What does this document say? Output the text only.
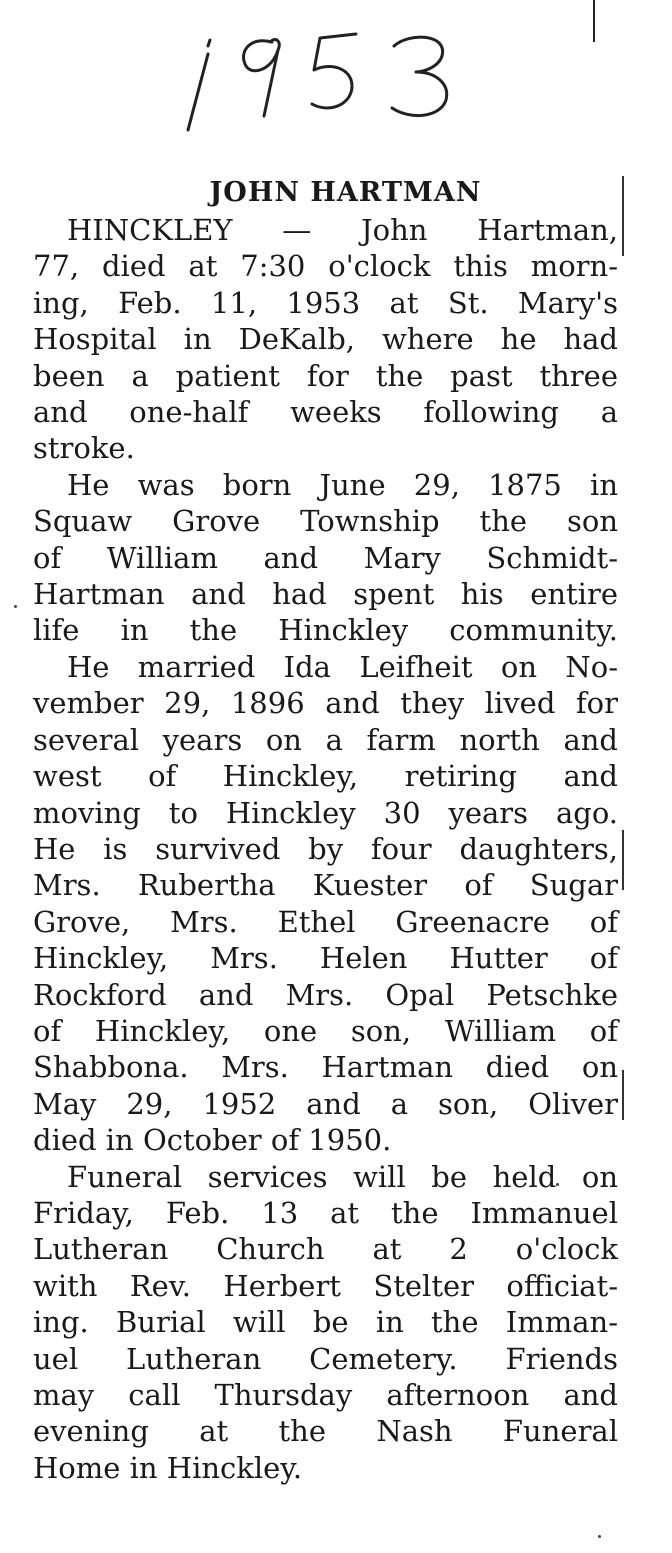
JOHN HARTMAN
HINCKLEY — John Hartman,
77, died at 7:30 o'clock this morn-
ing, Feb. 11, 1953 at St. Mary's
Hospital in DeKalb, where he had
been a patient for the past three
and one-half weeks following a
stroke.
He was born June 29, 1875 in
Squaw Grove Township the son
of William and Mary Schmidt-
Hartman and had spent his entire
life in the Hinckley community.
He married Ida Leifheit on No-
vember 29, 1896 and they lived for
several years on a farm north and
west of Hinckley, retiring and
moving to Hinckley 30 years ago.
He is survived by four daughters,
Mrs. Rubertha Kuester of Sugar
Grove, Mrs. Ethel Greenacre of
Hinckley, Mrs. Helen Hutter of
Rockford and Mrs. Opal Petschke
of Hinckley, one son, William of
Shabbona. Mrs. Hartman died on
May 29, 1952 and a son, Oliver
died in October of 1950.
Funeral services will be held on
Friday, Feb. 13 at the Immanuel
Lutheran Church at 2 o'clock
with Rev. Herbert Stelter officiat-
ing. Burial will be in the Imman-
uel Lutheran Cemetery. Friends
may call Thursday afternoon and
evening at the Nash Funeral
Home in Hinckley.
